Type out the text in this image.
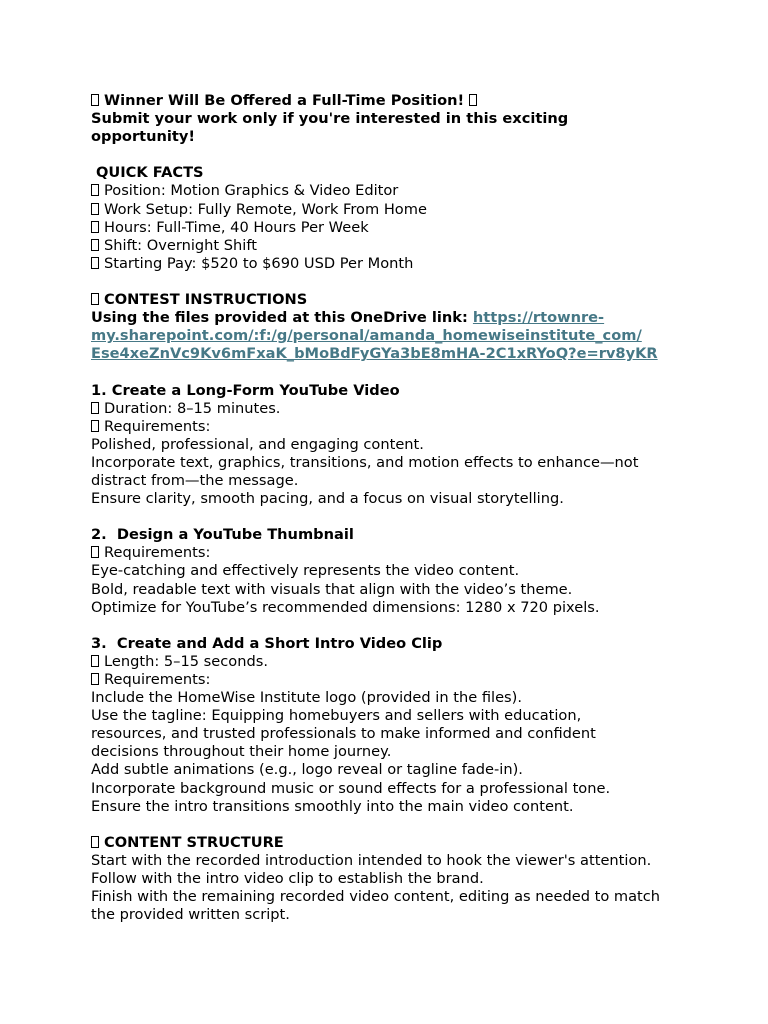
Winner Will Be Offered a Full-Time Position!
Submit your work only if you're interested in this exciting
opportunity!
QUICK FACTS
Position: Motion Graphics & Video Editor
Work Setup: Fully Remote, Work From Home
Hours: Full-Time, 40 Hours Per Week
Shift: Overnight Shift
Starting Pay: $520 to $690 USD Per Month
CONTEST INSTRUCTIONS
Using the files provided at this OneDrive link: https://rtownre-
my.sharepoint.com/:f:/g/personal/amanda_homewiseinstitute_com/
Ese4xeZnVc9Kv6mFxaK_bMoBdFyGYa3bE8mHA-2C1xRYoQ?e=rv8yKR
1. Create a Long-Form YouTube Video
Duration: 8–15 minutes.
Requirements:
Polished, professional, and engaging content.
Incorporate text, graphics, transitions, and motion effects to enhance—not
distract from—the message.
Ensure clarity, smooth pacing, and a focus on visual storytelling.
2.  Design a YouTube Thumbnail
Requirements:
Eye-catching and effectively represents the video content.
Bold, readable text with visuals that align with the video’s theme.
Optimize for YouTube’s recommended dimensions: 1280 x 720 pixels.
3.  Create and Add a Short Intro Video Clip
Length: 5–15 seconds.
Requirements:
Include the HomeWise Institute logo (provided in the files).
Use the tagline: Equipping homebuyers and sellers with education,
resources, and trusted professionals to make informed and confident
decisions throughout their home journey.
Add subtle animations (e.g., logo reveal or tagline fade-in).
Incorporate background music or sound effects for a professional tone.
Ensure the intro transitions smoothly into the main video content.
CONTENT STRUCTURE
Start with the recorded introduction intended to hook the viewer's attention.
Follow with the intro video clip to establish the brand.
Finish with the remaining recorded video content, editing as needed to match
the provided written script.
